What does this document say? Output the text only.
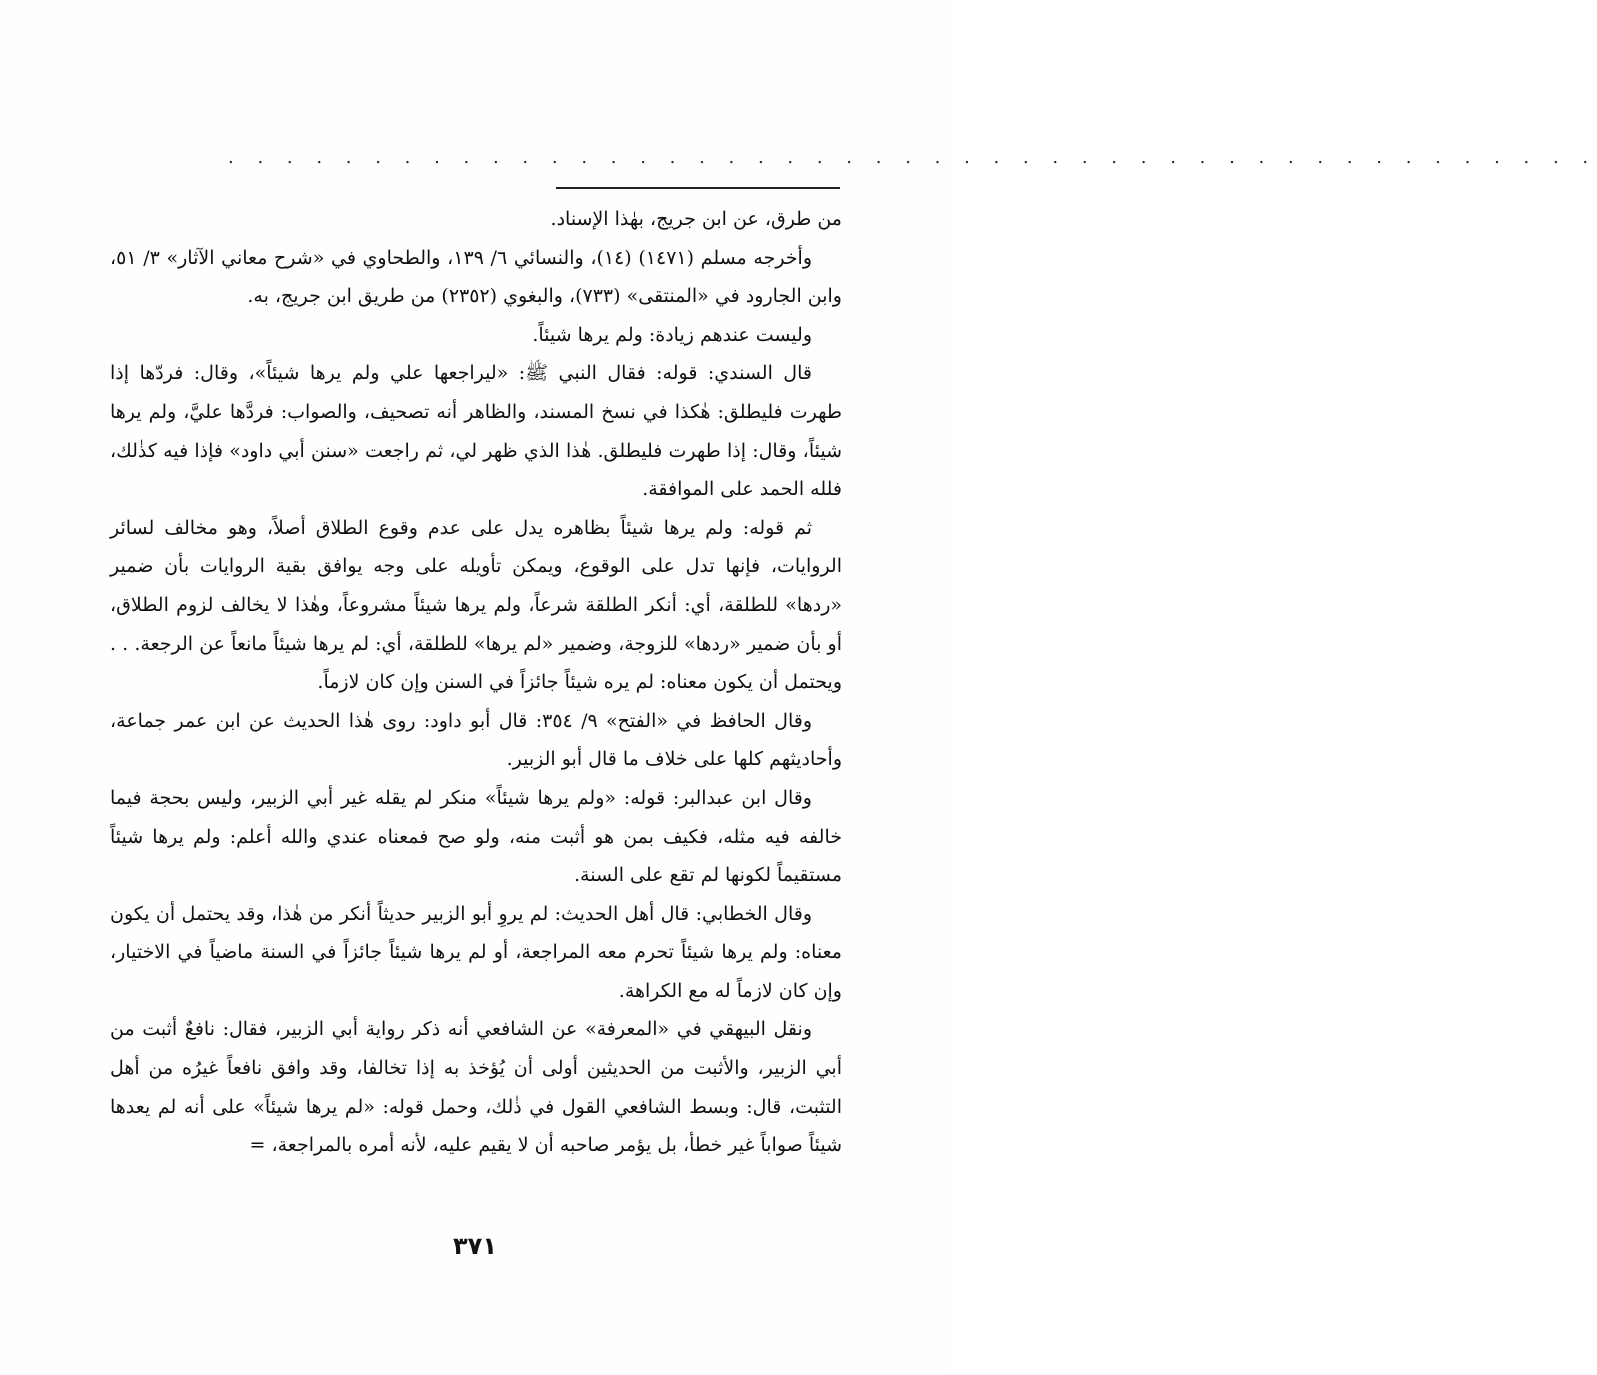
. . . . . . . . . . . . . . . . . . . . . . . . . . . . . . . . . . . . . . . . . . . . . . .

من طرق، عن ابن جريج، بهٰذا الإسناد.

وأخرجه مسلم (١٤٧١) (١٤)، والنسائي ٦/ ١٣٩، والطحاوي في «شرح معاني الآثار» ٣/ ٥١، وابن الجارود في «المنتقى» (٧٣٣)، والبغوي (٢٣٥٢) من طريق ابن جريج، به.

وليست عندهم زيادة: ولم يرها شيئاً.

قال السندي: قوله: فقال النبي ﷺ: «ليراجعها علي ولم يرها شيئاً»، وقال: فردّها إذا طهرت فليطلق: هٰكذا في نسخ المسند، والظاهر أنه تصحيف، والصواب: فردَّها عليَّ، ولم يرها شيئاً، وقال: إذا طهرت فليطلق. هٰذا الذي ظهر لي، ثم راجعت «سنن أبي داود» فإذا فيه كذٰلك، فلله الحمد على الموافقة.

ثم قوله: ولم يرها شيئاً بظاهره يدل على عدم وقوع الطلاق أصلاً، وهو مخالف لسائر الروايات، فإنها تدل على الوقوع، ويمكن تأويله على وجه يوافق بقية الروايات بأن ضمير «ردها» للطلقة، أي: أنكر الطلقة شرعاً، ولم يرها شيئاً مشروعاً، وهٰذا لا يخالف لزوم الطلاق، أو بأن ضمير «ردها» للزوجة، وضمير «لم يرها» للطلقة، أي: لم يرها شيئاً مانعاً عن الرجعة. . . ويحتمل أن يكون معناه: لم يره شيئاً جائزاً في السنن وإن كان لازماً.

وقال الحافظ في «الفتح» ٩/ ٣٥٤: قال أبو داود: روى هٰذا الحديث عن ابن عمر جماعة، وأحاديثهم كلها على خلاف ما قال أبو الزبير.

وقال ابن عبدالبر: قوله: «ولم يرها شيئاً» منكر لم يقله غير أبي الزبير، وليس بحجة فيما خالفه فيه مثله، فكيف بمن هو أثبت منه، ولو صح فمعناه عندي والله أعلم: ولم يرها شيئاً مستقيماً لكونها لم تقع على السنة.

وقال الخطابي: قال أهل الحديث: لم يروِ أبو الزبير حديثاً أنكر من هٰذا، وقد يحتمل أن يكون معناه: ولم يرها شيئاً تحرم معه المراجعة، أو لم يرها شيئاً جائزاً في السنة ماضياً في الاختيار، وإن كان لازماً له مع الكراهة.

ونقل البيهقي في «المعرفة» عن الشافعي أنه ذكر رواية أبي الزبير، فقال: نافعٌ أثبت من أبي الزبير، والأثبت من الحديثين أولى أن يُؤخذ به إذا تخالفا، وقد وافق نافعاً غيرُه من أهل التثبت، قال: وبسط الشافعي القول في ذٰلك، وحمل قوله: «لم يرها شيئاً» على أنه لم يعدها شيئاً صواباً غير خطأ، بل يؤمر صاحبه أن لا يقيم عليه، لأنه أمره بالمراجعة، =

٣٧١
